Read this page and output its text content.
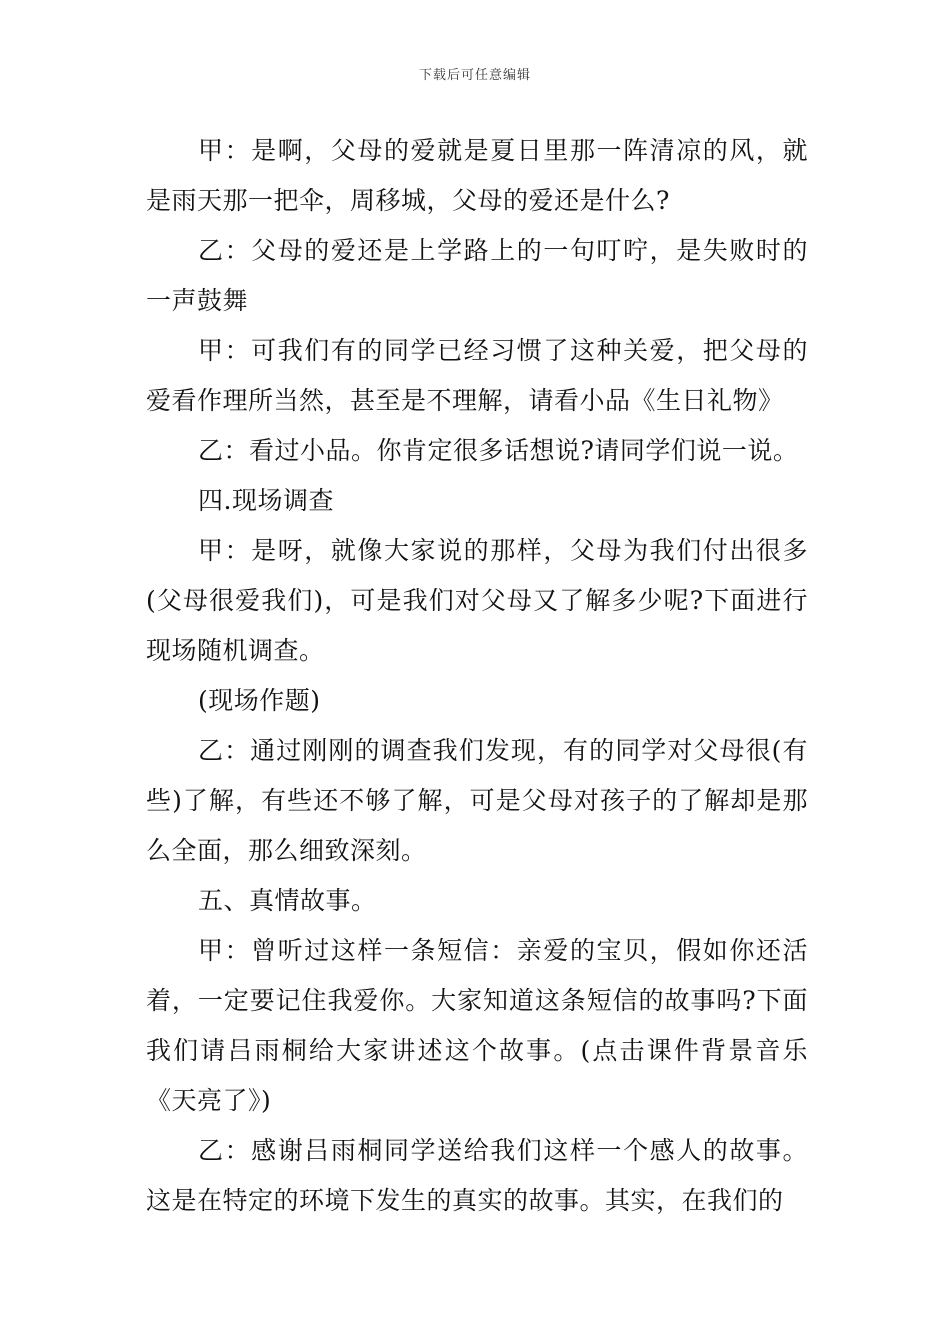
下载后可任意编辑

甲：是啊，父母的爱就是夏日里那一阵清凉的风，就是雨天那一把伞，周移城，父母的爱还是什么?

乙：父母的爱还是上学路上的一句叮咛，是失败时的一声鼓舞

甲：可我们有的同学已经习惯了这种关爱，把父母的爱看作理所当然，甚至是不理解，请看小品《生日礼物》

乙：看过小品。你肯定很多话想说?请同学们说一说。

四.现场调查

甲：是呀，就像大家说的那样，父母为我们付出很多(父母很爱我们)，可是我们对父母又了解多少呢?下面进行现场随机调查。

(现场作题)

乙：通过刚刚的调查我们发现，有的同学对父母很(有些)了解，有些还不够了解，可是父母对孩子的了解却是那么全面，那么细致深刻。

五、真情故事。

甲：曾听过这样一条短信：亲爱的宝贝，假如你还活着，一定要记住我爱你。大家知道这条短信的故事吗?下面我们请吕雨桐给大家讲述这个故事。(点击课件背景音乐《天亮了》)

乙：感谢吕雨桐同学送给我们这样一个感人的故事。这是在特定的环境下发生的真实的故事。其实，在我们的
